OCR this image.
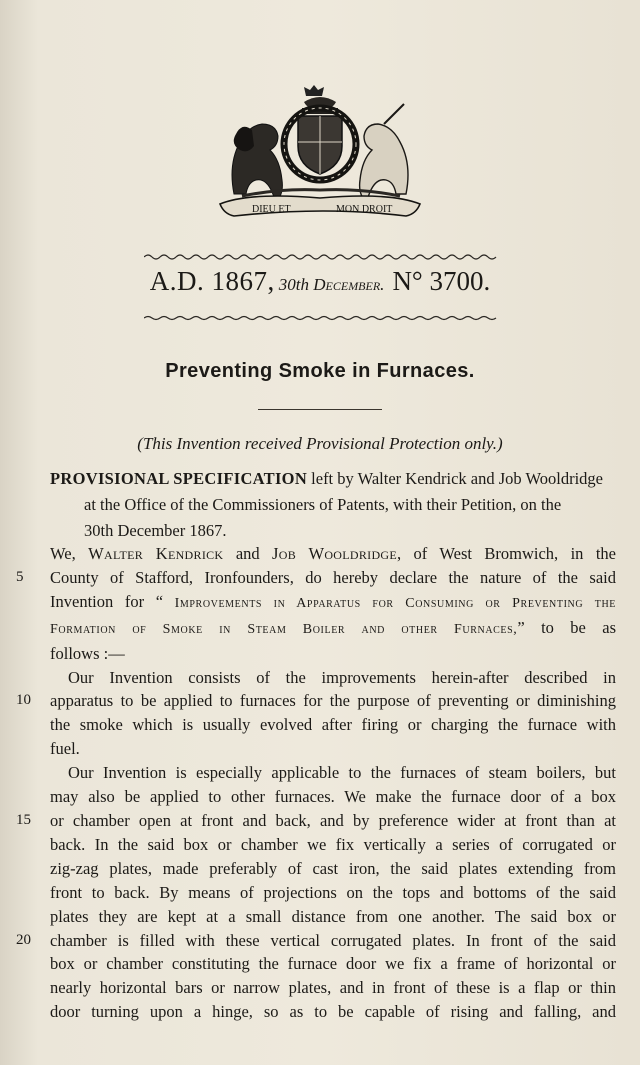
DIEU ET	MON DROIT
A.D. 1867, 30th December. N° 3700.
Preventing Smoke in Furnaces.
(This Invention received Provisional Protection only.)
PROVISIONAL SPECIFICATION left by Walter Kendrick and Job Wooldridge
at the Office of the Commissioners of Patents, with their Petition, on the
30th December 1867.
We, Walter Kendrick and Job Wooldridge, of West Bromwich, in the
5	County of Stafford, Ironfounders, do hereby declare the nature of the said
Invention for “ Improvements in Apparatus for Consuming or Preventing the
Formation of Smoke in Steam Boiler and other Furnaces,” to be as
follows :—
Our Invention consists of the improvements herein-after described in
10	apparatus to be applied to furnaces for the purpose of preventing or diminishing
the smoke which is usually evolved after firing or charging the furnace with
fuel.
Our Invention is especially applicable to the furnaces of steam boilers, but
may also be applied to other furnaces. We make the furnace door of a box
15	or chamber open at front and back, and by preference wider at front than at
back. In the said box or chamber we fix vertically a series of corrugated or
zig-zag plates, made preferably of cast iron, the said plates extending from
front to back. By means of projections on the tops and bottoms of the said
plates they are kept at a small distance from one another. The said box or
20	chamber is filled with these vertical corrugated plates. In front of the said
box or chamber constituting the furnace door we fix a frame of horizontal or
nearly horizontal bars or narrow plates, and in front of these is a flap or thin
door turning upon a hinge, so as to be capable of rising and falling, and
